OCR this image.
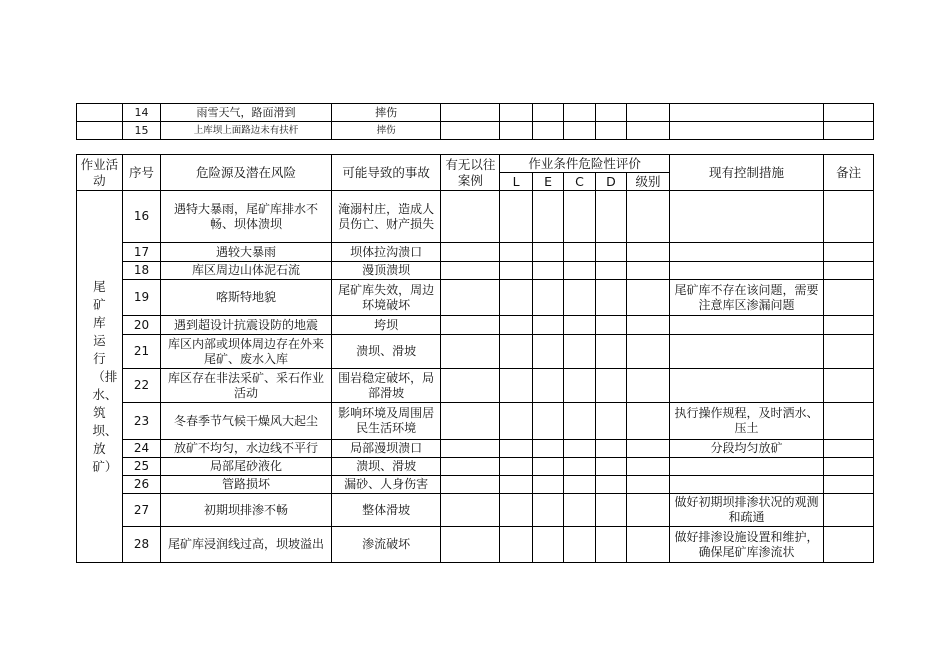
	14	雨雪天气，路面滑到	摔伤								
	15	上库坝上面路边未有扶杆	摔伤								
作业活动	序号	危险源及潜在风险	可能导致的事故	有无以往案例	作业条件危险性评价					现有控制措施	备注
					L	E	C	D	级别		

尾矿库运行（排水、筑坝、放矿）	16	遇特大暴雨，尾矿库排水不畅、坝体溃坝	淹溺村庄，造成人员伤亡、财产损失								
	17	遇较大暴雨	坝体拉沟溃口								
	18	库区周边山体泥石流	漫顶溃坝								
	19	喀斯特地貌	尾矿库失效，周边环境破坏							尾矿库不存在该问题，需要注意库区渗漏问题	
	20	遇到超设计抗震设防的地震	垮坝								
	21	库区内部或坝体周边存在外来尾矿、废水入库	溃坝、滑坡								
	22	库区存在非法采矿、采石作业活动	围岩稳定破坏，局部滑坡								
	23	冬春季节气候干燥风大起尘	影响环境及周围居民生活环境							执行操作规程，及时洒水、压土	
	24	放矿不均匀，水边线不平行	局部漫坝溃口							分段均匀放矿	
	25	局部尾砂液化	溃坝、滑坡								
	26	管路损坏	漏砂、人身伤害								
	27	初期坝排渗不畅	整体滑坡							做好初期坝排渗状况的观测和疏通	
	28	尾矿库浸润线过高，坝坡溢出	渗流破坏							做好排渗设施设置和维护，确保尾矿库渗流状	
